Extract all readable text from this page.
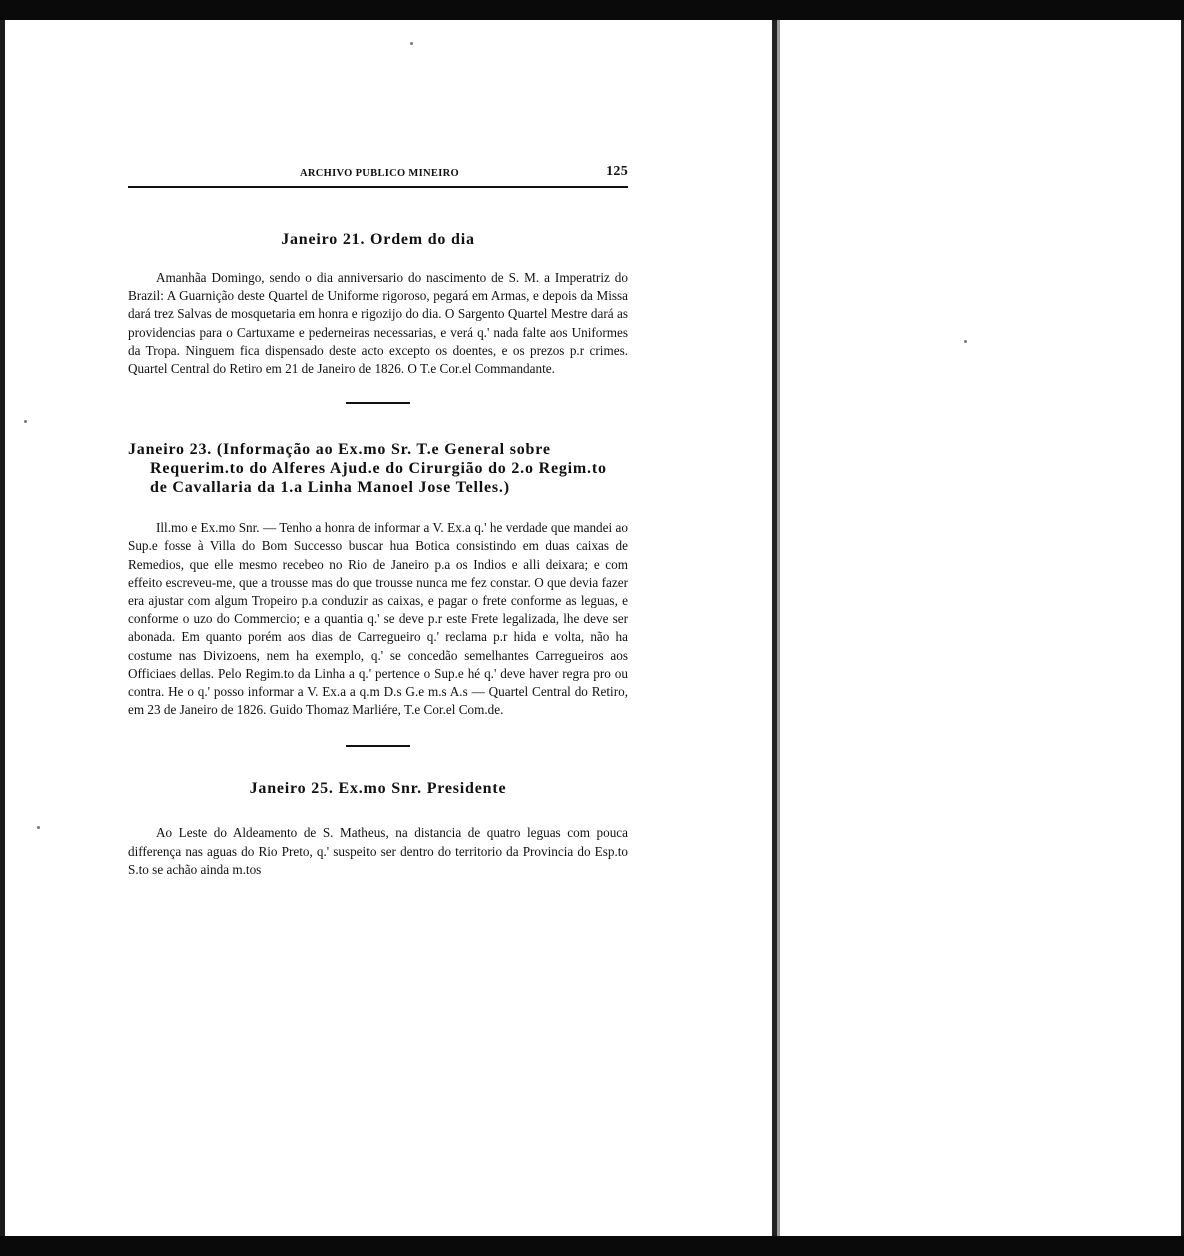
ARCHIVO PUBLICO MINEIRO	125
Janeiro 21. Ordem do dia

Amanhãa Domingo, sendo o dia anniversario do nascimento de S. M. a Imperatriz do Brazil: A Guarnição deste Quartel de Uniforme rigoroso, pegará em Armas, e depois da Missa dará trez Salvas de mosquetaria em honra e rigozijo do dia. O Sargento Quartel Mestre dará as providencias para o Cartuxame e pederneiras necessarias, e verá q.' nada falte aos Uniformes da Tropa. Ninguem fica dispensado deste acto excepto os doentes, e os prezos p.r crimes. Quartel Central do Retiro em 21 de Janeiro de 1826. O T.e Cor.el Commandante.

Janeiro 23. (Informação ao Ex.mo Sr. T.e General sobre Requerim.to do Alferes Ajud.e do Cirurgião do 2.o Regim.to de Cavallaria da 1.a Linha Manoel Jose Telles.)

Ill.mo e Ex.mo Snr. — Tenho a honra de informar a V. Ex.a q.' he verdade que mandei ao Sup.e fosse à Villa do Bom Successo buscar hua Botica consistindo em duas caixas de Remedios, que elle mesmo recebeo no Rio de Janeiro p.a os Indios e alli deixara; e com effeito escreveu-me, que a trousse mas do que trousse nunca me fez constar. O que devia fazer era ajustar com algum Tropeiro p.a conduzir as caixas, e pagar o frete conforme as leguas, e conforme o uzo do Commercio; e a quantia q.' se deve p.r este Frete legalizada, lhe deve ser abonada. Em quanto porém aos dias de Carregueiro q.' reclama p.r hida e volta, não ha costume nas Divizoens, nem ha exemplo, q.' se concedão semelhantes Carregueiros aos Officiaes dellas. Pelo Regim.to da Linha a q.' pertence o Sup.e hé q.' deve haver regra pro ou contra. He o q.' posso informar a V. Ex.a a q.m D.s G.e m.s A.s — Quartel Central do Retiro, em 23 de Janeiro de 1826. Guido Thomaz Marliére, T.e Cor.el Com.de.

Janeiro 25. Ex.mo Snr. Presidente

Ao Leste do Aldeamento de S. Matheus, na distancia de quatro leguas com pouca differença nas aguas do Rio Preto, q.' suspeito ser dentro do territorio da Provincia do Esp.to S.to se achão ainda m.tos
